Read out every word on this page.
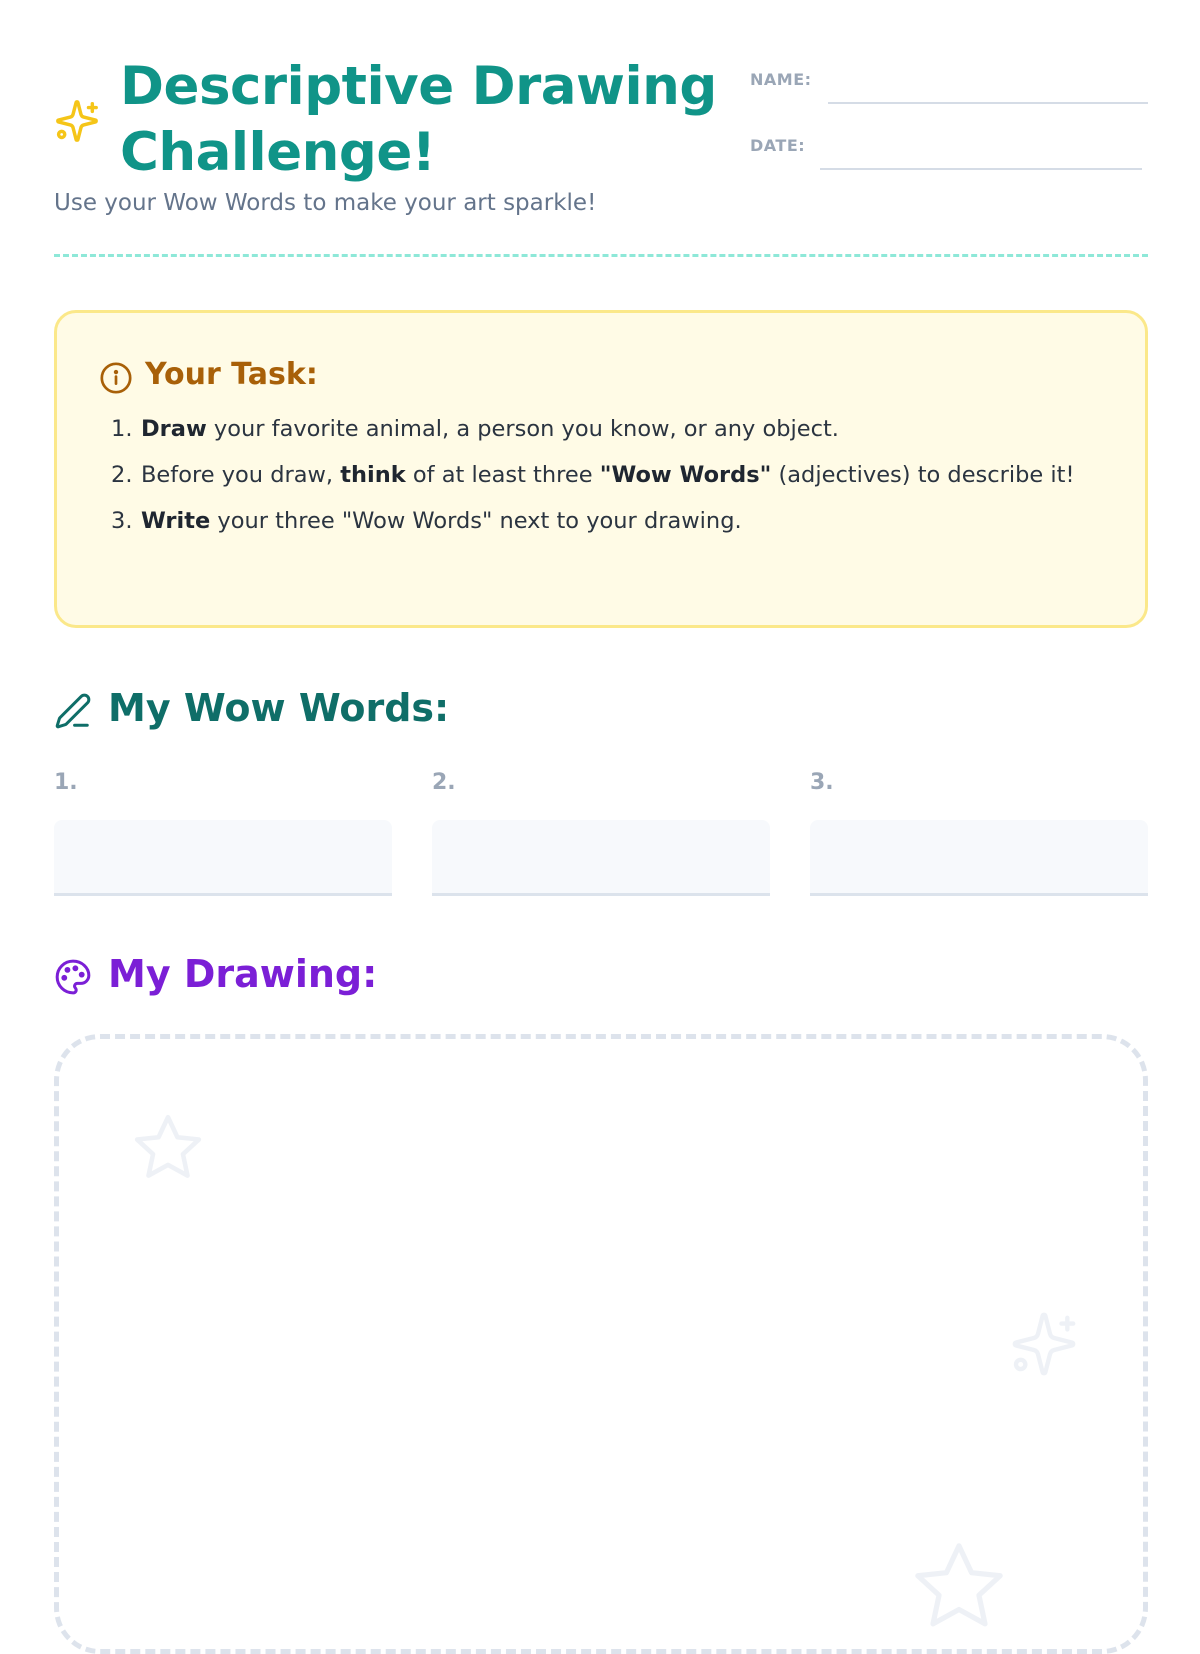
Descriptive Drawing Challenge!
NAME:
DATE:
Use your Wow Words to make your art sparkle!
Your Task:
1. Draw your favorite animal, a person you know, or any object.
2. Before you draw, think of at least three "Wow Words" (adjectives) to describe it!
3. Write your three "Wow Words" next to your drawing.
My Wow Words:
1.	2.	3.
My Drawing:
